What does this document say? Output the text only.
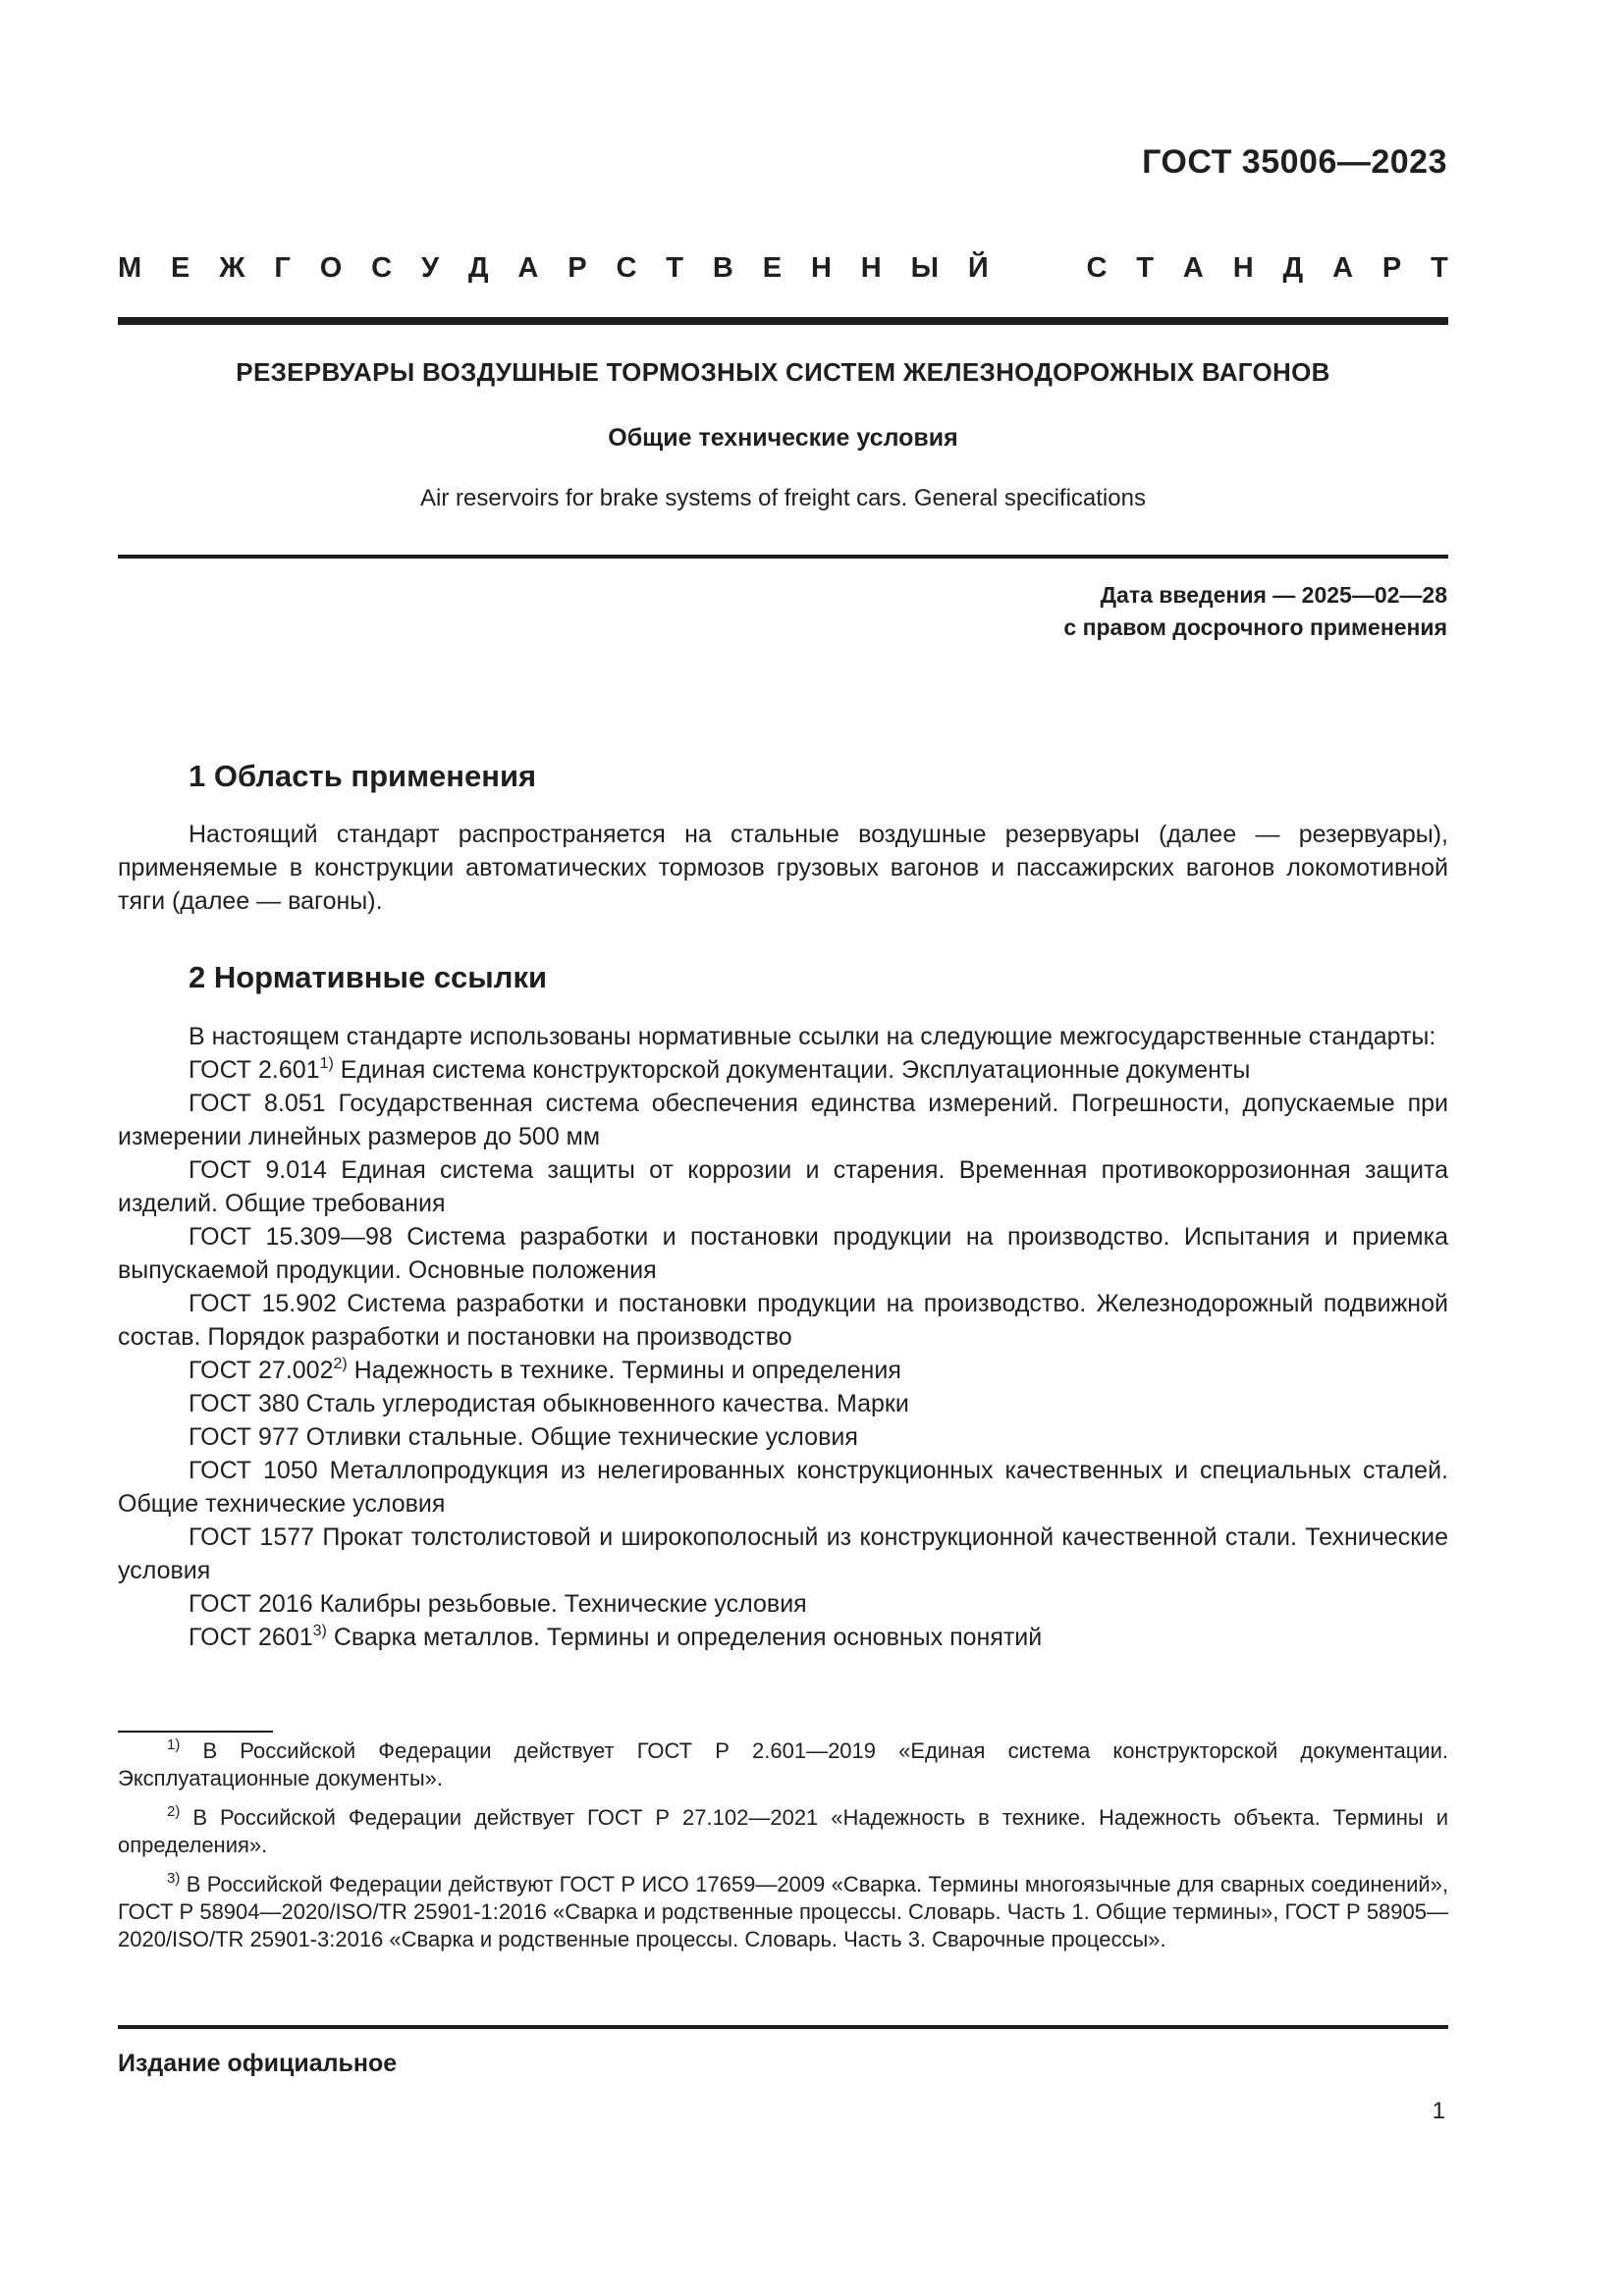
ГОСТ 35006—2023
М Е Ж Г О С У Д А Р С Т В Е Н Н Ы Й	С Т А Н Д А Р Т
РЕЗЕРВУАРЫ ВОЗДУШНЫЕ ТОРМОЗНЫХ СИСТЕМ ЖЕЛЕЗНОДОРОЖНЫХ ВАГОНОВ
Общие технические условия
Air reservoirs for brake systems of freight cars. General specifications
Дата введения — 2025—02—28
с правом досрочного применения
1 Область применения

Настоящий стандарт распространяется на стальные воздушные резервуары (далее — резервуары), применяемые в конструкции автоматических тормозов грузовых вагонов и пассажирских вагонов локомотивной тяги (далее — вагоны).

2 Нормативные ссылки

В настоящем стандарте использованы нормативные ссылки на следующие межгосударственные стандарты:

ГОСТ 2.601$^{1)}$ Единая система конструкторской документации. Эксплуатационные документы

ГОСТ 8.051 Государственная система обеспечения единства измерений. Погрешности, допускаемые при измерении линейных размеров до 500 мм

ГОСТ 9.014 Единая система защиты от коррозии и старения. Временная противокоррозионная защита изделий. Общие требования

ГОСТ 15.309—98 Система разработки и постановки продукции на производство. Испытания и приемка выпускаемой продукции. Основные положения

ГОСТ 15.902 Система разработки и постановки продукции на производство. Железнодорожный подвижной состав. Порядок разработки и постановки на производство

ГОСТ 27.002$^{2)}$ Надежность в технике. Термины и определения

ГОСТ 380 Сталь углеродистая обыкновенного качества. Марки

ГОСТ 977 Отливки стальные. Общие технические условия

ГОСТ 1050 Металлопродукция из нелегированных конструкционных качественных и специальных сталей. Общие технические условия

ГОСТ 1577 Прокат толстолистовой и широкополосный из конструкционной качественной стали. Технические условия

ГОСТ 2016 Калибры резьбовые. Технические условия

ГОСТ 2601$^{3)}$ Сварка металлов. Термины и определения основных понятий

$^{1)}$ В Российской Федерации действует ГОСТ Р 2.601—2019 «Единая система конструкторской документации. Эксплуатационные документы».

$^{2)}$ В Российской Федерации действует ГОСТ Р 27.102—2021 «Надежность в технике. Надежность объекта. Термины и определения».

$^{3)}$ В Российской Федерации действуют ГОСТ Р ИСО 17659—2009 «Сварка. Термины многоязычные для сварных соединений», ГОСТ Р 58904—2020/ISO/TR 25901-1:2016 «Сварка и родственные процессы. Словарь. Часть 1. Общие термины», ГОСТ Р 58905—2020/ISO/TR 25901-3:2016 «Сварка и родственные процессы. Словарь. Часть 3. Сварочные процессы».

Издание официальное
1
